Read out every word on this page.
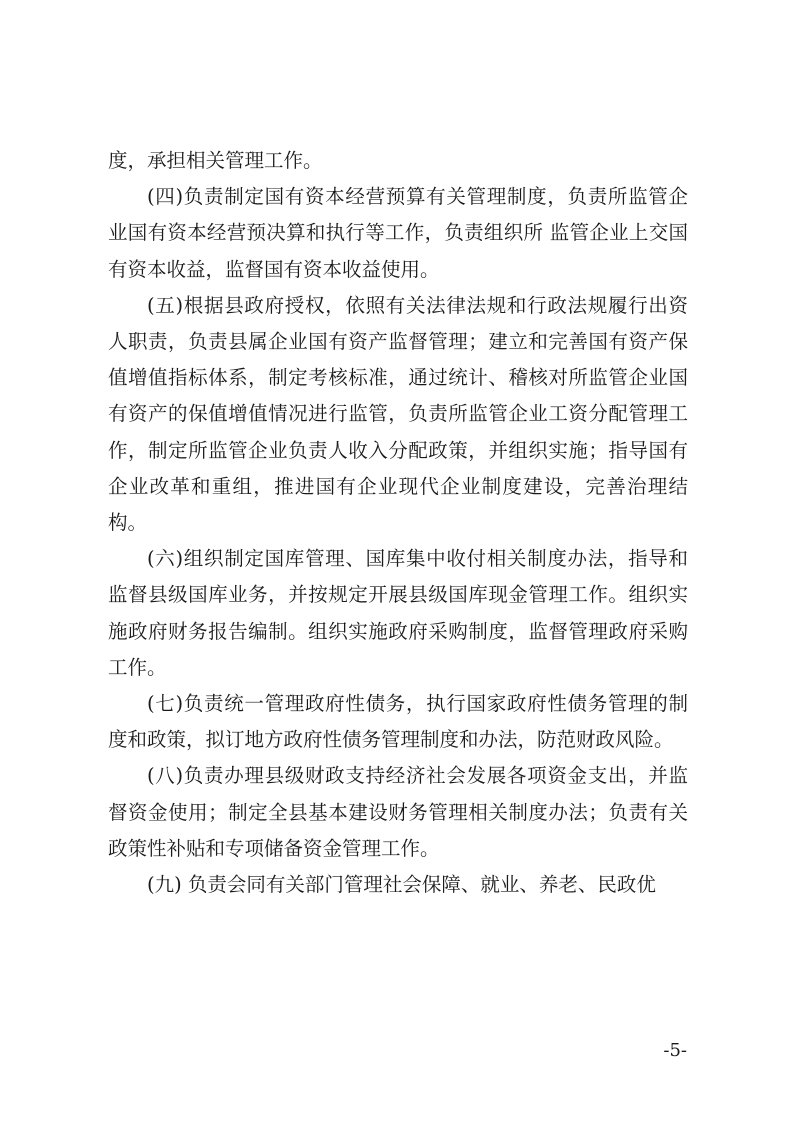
度，承担相关管理工作。

(四)负责制定国有资本经营预算有关管理制度，负责所监管企业国有资本经营预决算和执行等工作，负责组织所 监管企业上交国有资本收益，监督国有资本收益使用。

(五)根据县政府授权，依照有关法律法规和行政法规履行出资人职责，负责县属企业国有资产监督管理；建立和完善国有资产保值增值指标体系，制定考核标准，通过统计、稽核对所监管企业国有资产的保值增值情况进行监管，负责所监管企业工资分配管理工作，制定所监管企业负责人收入分配政策，并组织实施；指导国有企业改革和重组，推进国有企业现代企业制度建设，完善治理结构。

(六)组织制定国库管理、国库集中收付相关制度办法，指导和监督县级国库业务，并按规定开展县级国库现金管理工作。组织实施政府财务报告编制。组织实施政府采购制度，监督管理政府采购工作。

(七)负责统一管理政府性债务，执行国家政府性债务管理的制度和政策，拟订地方政府性债务管理制度和办法，防范财政风险。

(八)负责办理县级财政支持经济社会发展各项资金支出，并监督资金使用；制定全县基本建设财务管理相关制度办法；负责有关政策性补贴和专项储备资金管理工作。

(九) 负责会同有关部门管理社会保障、就业、养老、民政优

-5-
